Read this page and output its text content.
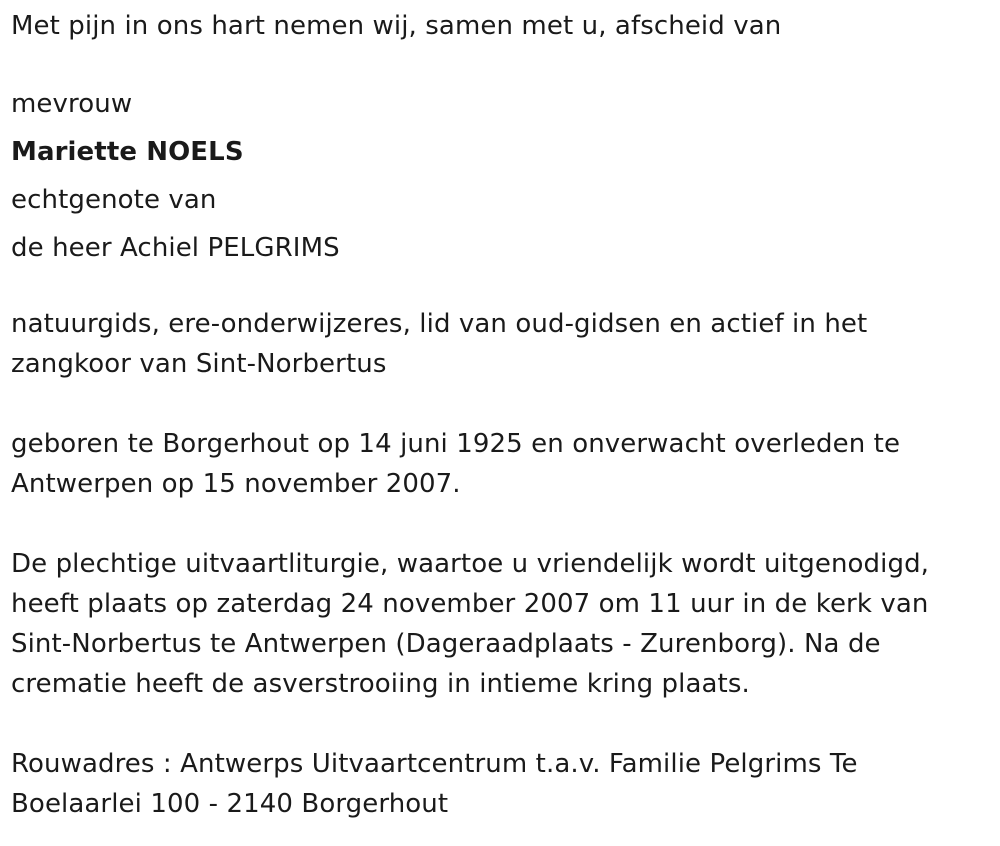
Met pijn in ons hart nemen wij, samen met u, afscheid van
mevrouw
Mariette NOELS
echtgenote van
de heer Achiel PELGRIMS
natuurgids, ere-onderwijzeres, lid van oud-gidsen en actief in het
zangkoor van Sint-Norbertus
geboren te Borgerhout op 14 juni 1925 en onverwacht overleden te
Antwerpen op 15 november 2007.
De plechtige uitvaartliturgie, waartoe u vriendelijk wordt uitgenodigd,
heeft plaats op zaterdag 24 november 2007 om 11 uur in de kerk van
Sint-Norbertus te Antwerpen (Dageraadplaats - Zurenborg). Na de
crematie heeft de asverstrooiing in intieme kring plaats.
Rouwadres : Antwerps Uitvaartcentrum t.a.v. Familie Pelgrims Te
Boelaarlei 100 - 2140 Borgerhout
